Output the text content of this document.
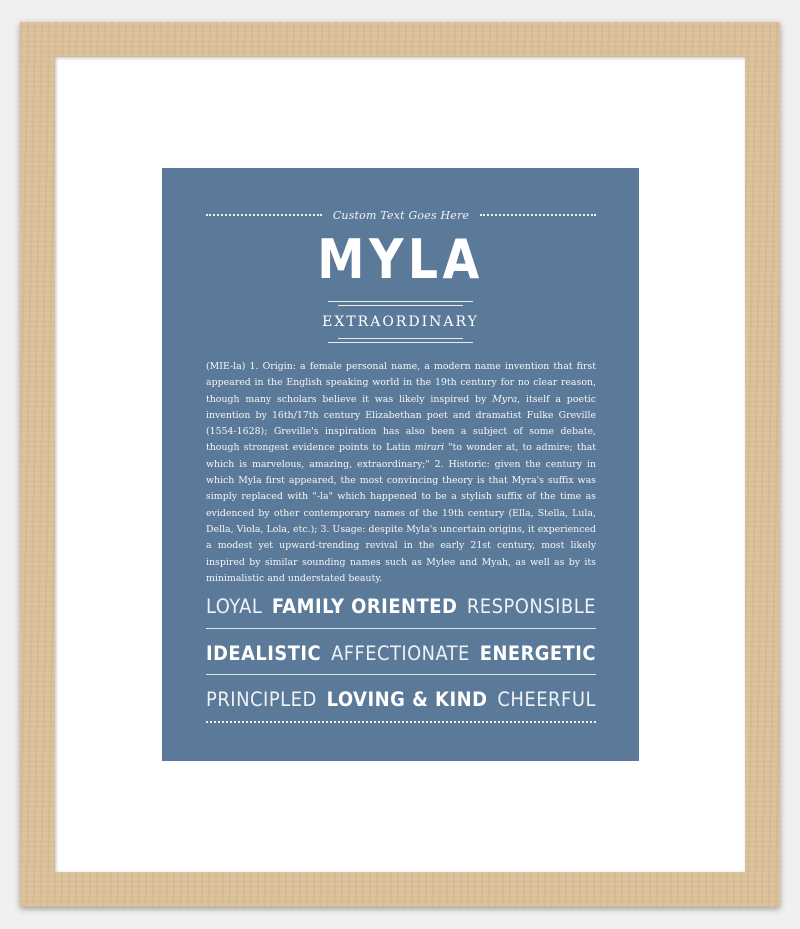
Custom Text Goes Here
MYLA
EXTRAORDINARY
(MIE-la) 1. Origin: a female personal name, a modern name invention that first appeared in the English speaking world in the 19th century for no clear reason, though many scholars believe it was likely inspired by Myra, itself a poetic invention by 16th/17th century Elizabethan poet and dramatist Fulke Greville (1554-1628); Greville's inspiration has also been a subject of some debate, though strongest evidence points to Latin mirari "to wonder at, to admire; that which is marvelous, amazing, extraordinary;" 2. Historic: given the century in which Myla first appeared, the most convincing theory is that Myra's suffix was simply replaced with "-la" which happened to be a stylish suffix of the time as evidenced by other contemporary names of the 19th century (Ella, Stella, Lula, Della, Viola, Lola, etc.); 3. Usage: despite Myla's uncertain origins, it experienced a modest yet upward-trending revival in the early 21st century, most likely inspired by similar sounding names such as Mylee and Myah, as well as by its minimalistic and understated beauty.
LOYAL FAMILY ORIENTED RESPONSIBLE
IDEALISTIC AFFECTIONATE ENERGETIC
PRINCIPLED LOVING & KIND CHEERFUL
